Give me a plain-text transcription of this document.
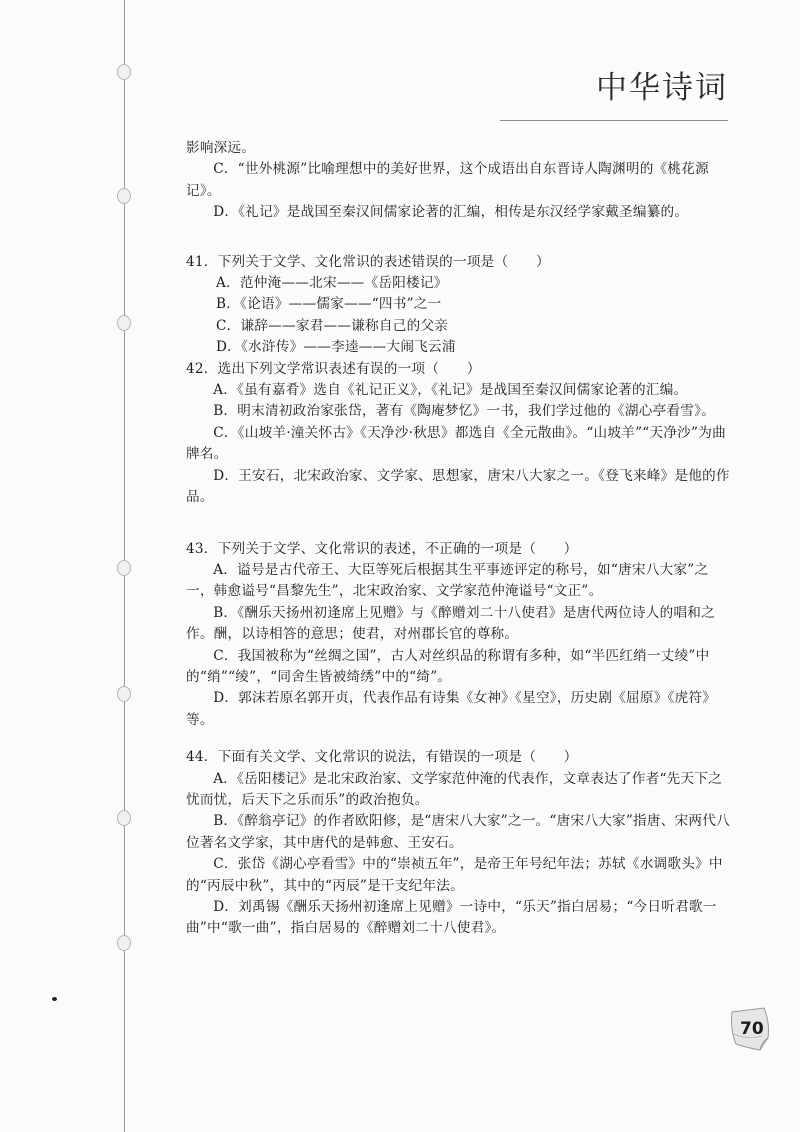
中华诗词

影响深远。

C．“世外桃源”比喻理想中的美好世界，这个成语出自东晋诗人陶渊明的《桃花源记》。

D．《礼记》是战国至秦汉间儒家论著的汇编，相传是东汉经学家戴圣编纂的。

41．下列关于文学、文化常识的表述错误的一项是（　　）

A．范仲淹——北宋——《岳阳楼记》

B．《论语》——儒家——“四书”之一

C．谦辞——家君——谦称自己的父亲

D．《水浒传》——李逵——大闹飞云浦

42．选出下列文学常识表述有误的一项（　　）

A．《虽有嘉肴》选自《礼记正义》，《礼记》是战国至秦汉间儒家论著的汇编。

B．明末清初政治家张岱，著有《陶庵梦忆》一书，我们学过他的《湖心亭看雪》。

C．《山坡羊·潼关怀古》《天净沙·秋思》都选自《全元散曲》。“山坡羊”“天净沙”为曲牌名。

D．王安石，北宋政治家、文学家、思想家，唐宋八大家之一。《登飞来峰》是他的作品。

43．下列关于文学、文化常识的表述，不正确的一项是（　　）

A．谥号是古代帝王、大臣等死后根据其生平事迹评定的称号，如“唐宋八大家”之一，韩愈谥号“昌黎先生”，北宋政治家、文学家范仲淹谥号“文正”。

B．《酬乐天扬州初逢席上见赠》与《醉赠刘二十八使君》是唐代两位诗人的唱和之作。酬，以诗相答的意思；使君，对州郡长官的尊称。

C．我国被称为“丝绸之国”，古人对丝织品的称谓有多种，如“半匹红绡一丈绫”中的“绡”“绫”，“同舍生皆被绮绣”中的“绮”。

D．郭沫若原名郭开贞，代表作品有诗集《女神》《星空》，历史剧《屈原》《虎符》等。

44．下面有关文学、文化常识的说法，有错误的一项是（　　）

A．《岳阳楼记》是北宋政治家、文学家范仲淹的代表作，文章表达了作者“先天下之忧而忧，后天下之乐而乐”的政治抱负。

B．《醉翁亭记》的作者欧阳修，是“唐宋八大家”之一。“唐宋八大家”指唐、宋两代八位著名文学家，其中唐代的是韩愈、王安石。

C．张岱《湖心亭看雪》中的“崇祯五年”，是帝王年号纪年法；苏轼《水调歌头》中的“丙辰中秋”，其中的“丙辰”是干支纪年法。

D．刘禹锡《酬乐天扬州初逢席上见赠》一诗中，“乐天”指白居易；“今日听君歌一曲”中“歌一曲”，指白居易的《醉赠刘二十八使君》。

70
